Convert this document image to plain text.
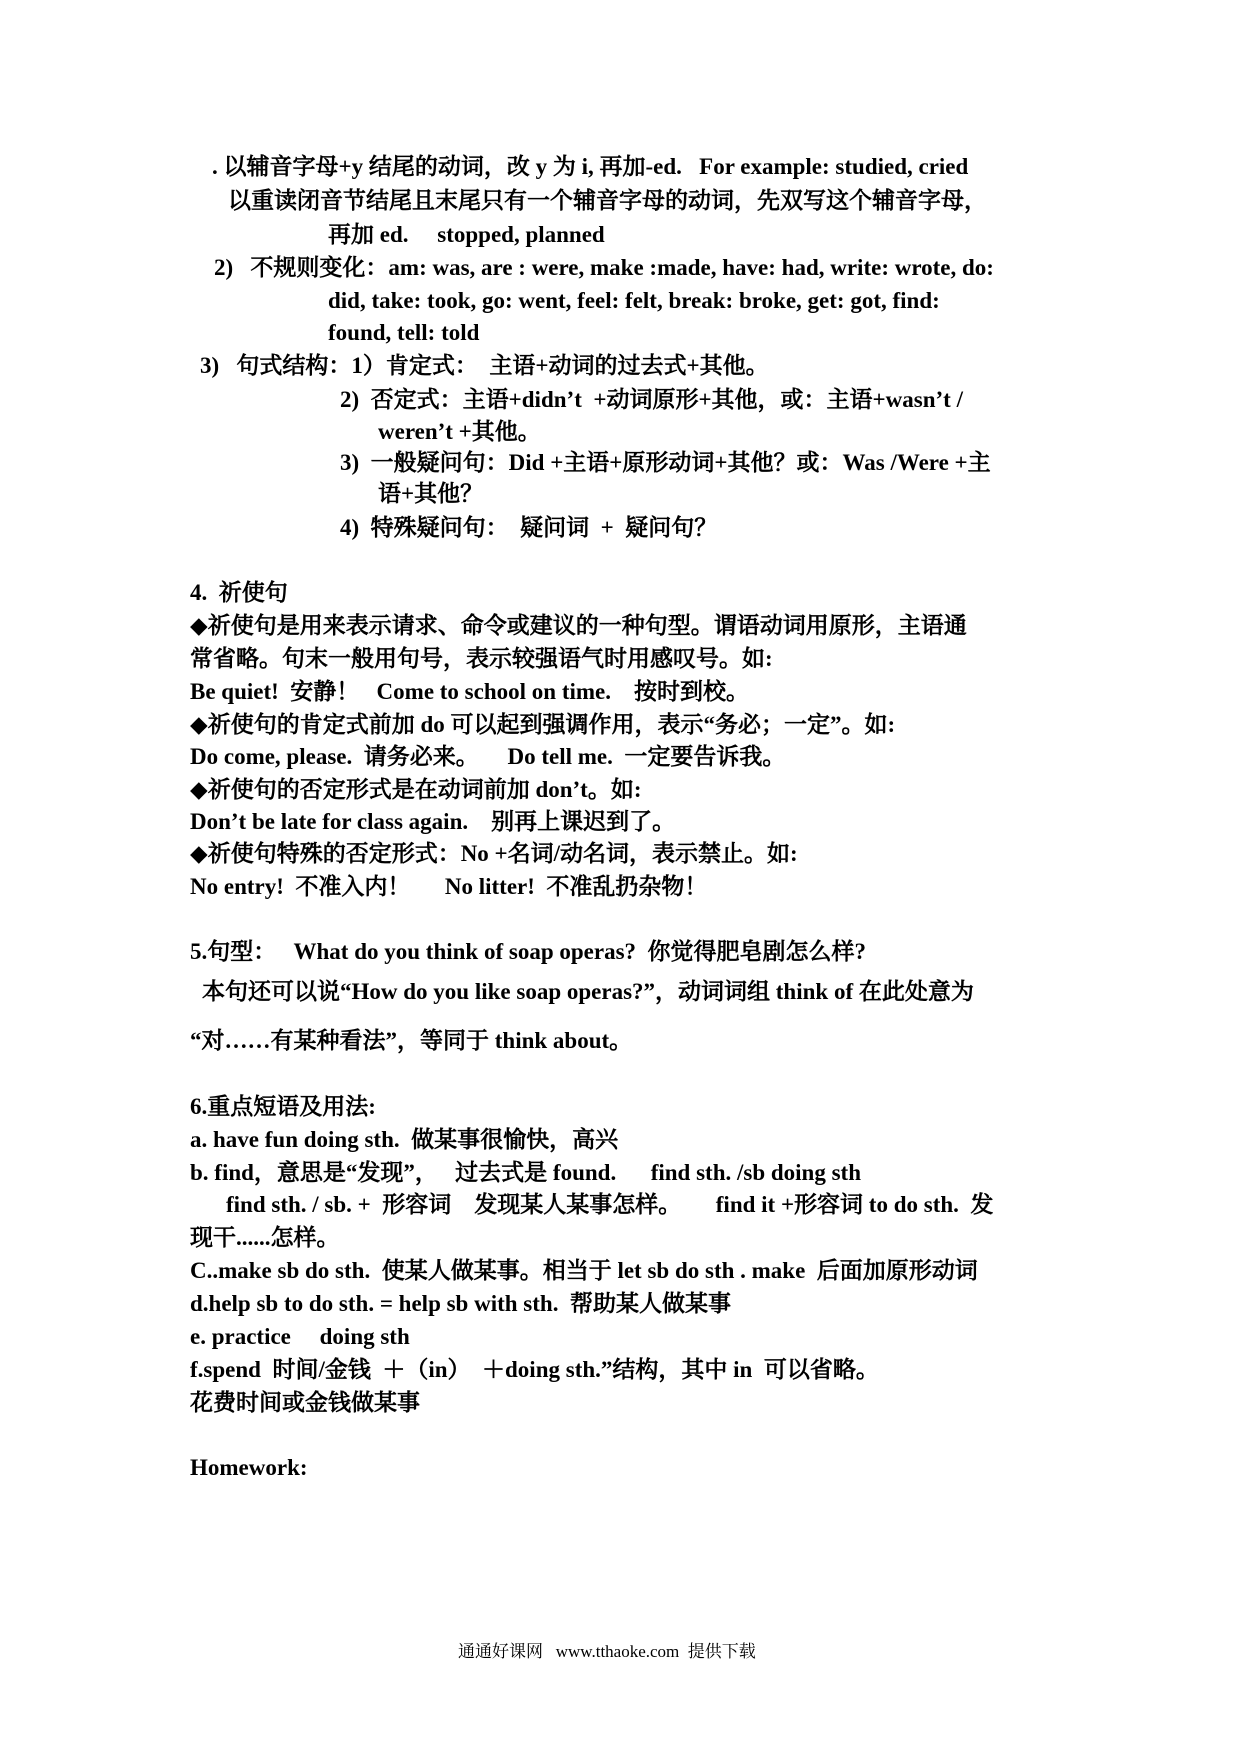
. 以辅音字母+y 结尾的动词，改 y 为 i, 再加-ed.   For example: studied, cried
以重读闭音节结尾且末尾只有一个辅音字母的动词，先双写这个辅音字母，
再加 ed.     stopped, planned
2)   不规则变化：am: was, are : were, make :made, have: had, write: wrote, do:
did, take: took, go: went, feel: felt, break: broke, get: got, find:
found, tell: told
3)   句式结构：1）肯定式：  主语+动词的过去式+其他。
2)  否定式：主语+didn’t  +动词原形+其他，或：主语+wasn’t /
weren’t +其他。
3)  一般疑问句：Did +主语+原形动词+其他？或：Was /Were +主
语+其他？
4)  特殊疑问句：  疑问词  +  疑问句？
4.  祈使句
◆祈使句是用来表示请求、命令或建议的一种句型。谓语动词用原形，主语通
常省略。句末一般用句号，表示较强语气时用感叹号。如:
Be quiet!  安静！   Come to school on time.    按时到校。
◆祈使句的肯定式前加 do 可以起到强调作用，表示“务必；一定”。如:
Do come, please.  请务必来。     Do tell me.  一定要告诉我。
◆祈使句的否定形式是在动词前加 don’t。如:
Don’t be late for class again.    别再上课迟到了。
◆祈使句特殊的否定形式：No +名词/动名词，表示禁止。如:
No entry!  不准入内！      No litter!  不准乱扔杂物！
5.句型：   What do you think of soap operas?  你觉得肥皂剧怎么样?
本句还可以说“How do you like soap operas?”，动词词组 think of 在此处意为
“对……有某种看法”，等同于 think about。
6.重点短语及用法:
a. have fun doing sth.  做某事很愉快，高兴
b. find，意思是“发现”，   过去式是 found.      find sth. /sb doing sth
find sth. / sb. +  形容词    发现某人某事怎样。      find it +形容词 to do sth.  发
现干......怎样。
C..make sb do sth.  使某人做某事。相当于 let sb do sth . make  后面加原形动词
d.help sb to do sth. = help sb with sth.  帮助某人做某事
e. practice     doing sth
f.spend  时间/金钱  ＋（in）  ＋doing sth.”结构，其中 in  可以省略。
花费时间或金钱做某事
Homework:
通通好课网   www.tthaoke.com  提供下载
